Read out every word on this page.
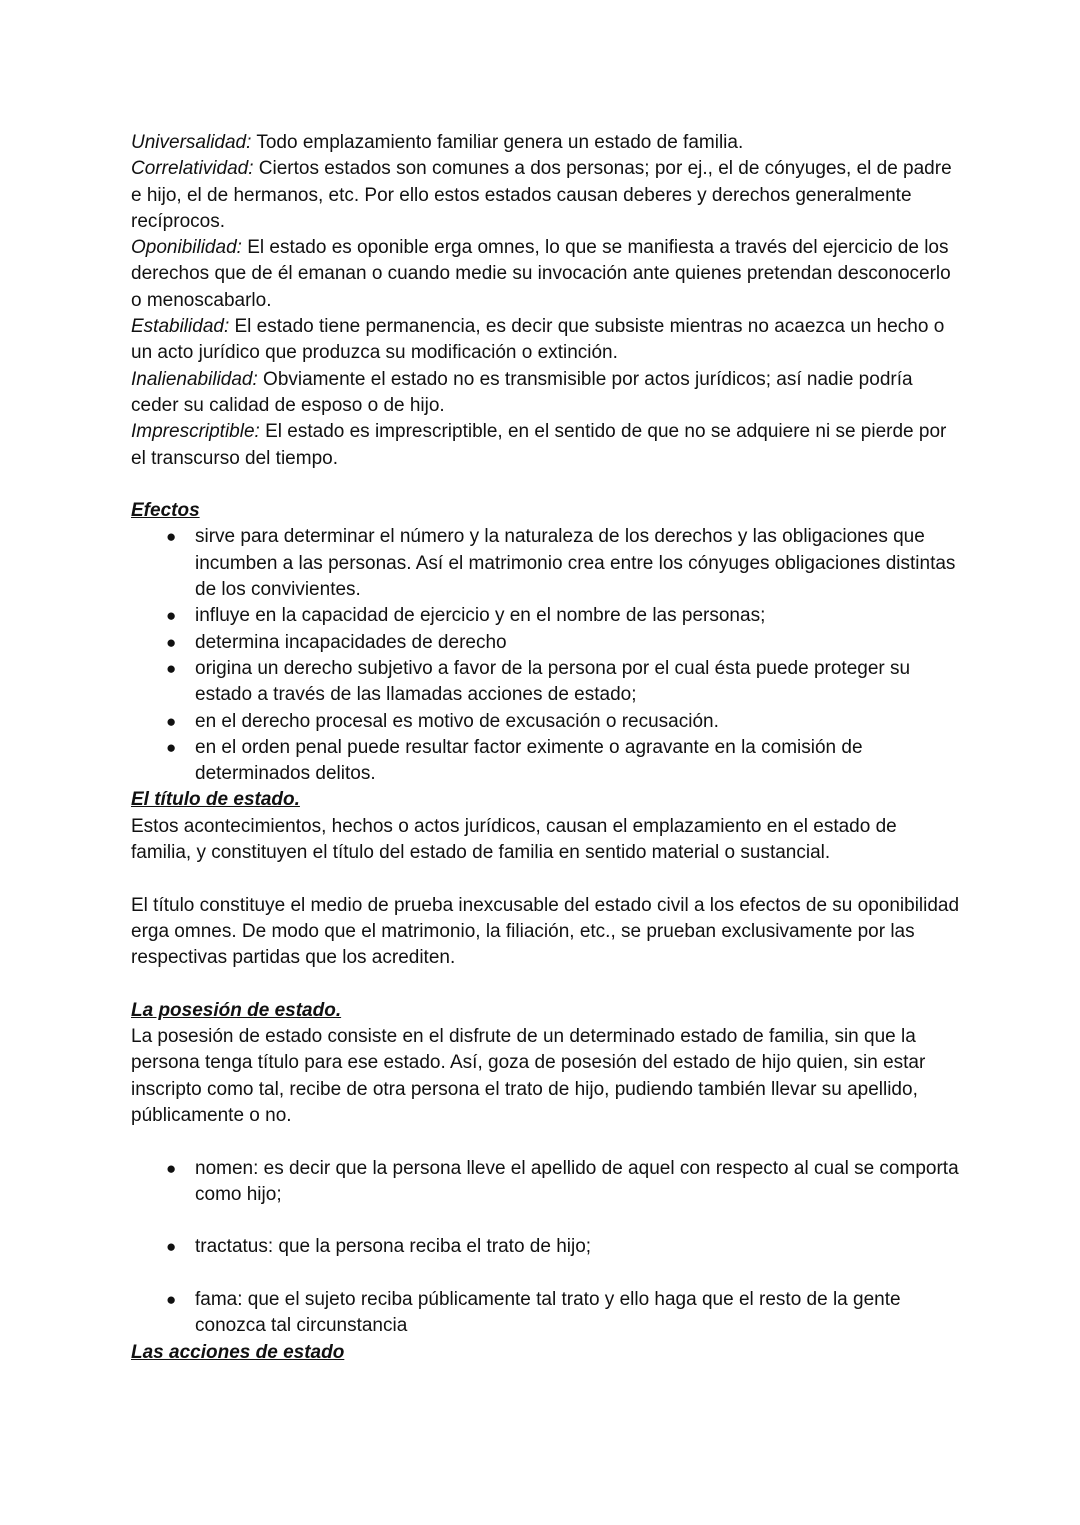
Universalidad: Todo emplazamiento familiar genera un estado de familia.

Correlatividad: Ciertos estados son comunes a dos personas; por ej., el de cónyuges, el de padre e hijo, el de hermanos, etc. Por ello estos estados causan deberes y derechos generalmente recíprocos.

Oponibilidad: El estado es oponible erga omnes, lo que se manifiesta a través del ejercicio de los derechos que de él emanan o cuando medie su invocación ante quienes pretendan desconocerlo o menoscabarlo.

Estabilidad: El estado tiene permanencia, es decir que subsiste mientras no acaezca un hecho o un acto jurídico que produzca su modificación o extinción.

Inalienabilidad: Obviamente el estado no es transmisible por actos jurídicos; así nadie podría ceder su calidad de esposo o de hijo.

Imprescriptible: El estado es imprescriptible, en el sentido de que no se adquiere ni se pierde por el transcurso del tiempo.

Efectos

● sirve para determinar el número y la naturaleza de los derechos y las obligaciones que incumben a las personas. Así el matrimonio crea entre los cónyuges obligaciones distintas de los convivientes.
● influye en la capacidad de ejercicio y en el nombre de las personas;
● determina incapacidades de derecho
● origina un derecho subjetivo a favor de la persona por el cual ésta puede proteger su estado a través de las llamadas acciones de estado;
● en el derecho procesal es motivo de excusación o recusación.
● en el orden penal puede resultar factor eximente o agravante en la comisión de determinados delitos.

El título de estado.

Estos acontecimientos, hechos o actos jurídicos, causan el emplazamiento en el estado de familia, y constituyen el título del estado de familia en sentido material o sustancial.

El título constituye el medio de prueba inexcusable del estado civil a los efectos de su oponibilidad erga omnes. De modo que el matrimonio, la filiación, etc., se prueban exclusivamente por las respectivas partidas que los acrediten.

La posesión de estado.

La posesión de estado consiste en el disfrute de un determinado estado de familia, sin que la persona tenga título para ese estado. Así, goza de posesión del estado de hijo quien, sin estar inscripto como tal, recibe de otra persona el trato de hijo, pudiendo también llevar su apellido, públicamente o no.

● nomen: es decir que la persona lleve el apellido de aquel con respecto al cual se comporta como hijo;
● tractatus: que la persona reciba el trato de hijo;
● fama: que el sujeto reciba públicamente tal trato y ello haga que el resto de la gente conozca tal circunstancia

Las acciones de estado
